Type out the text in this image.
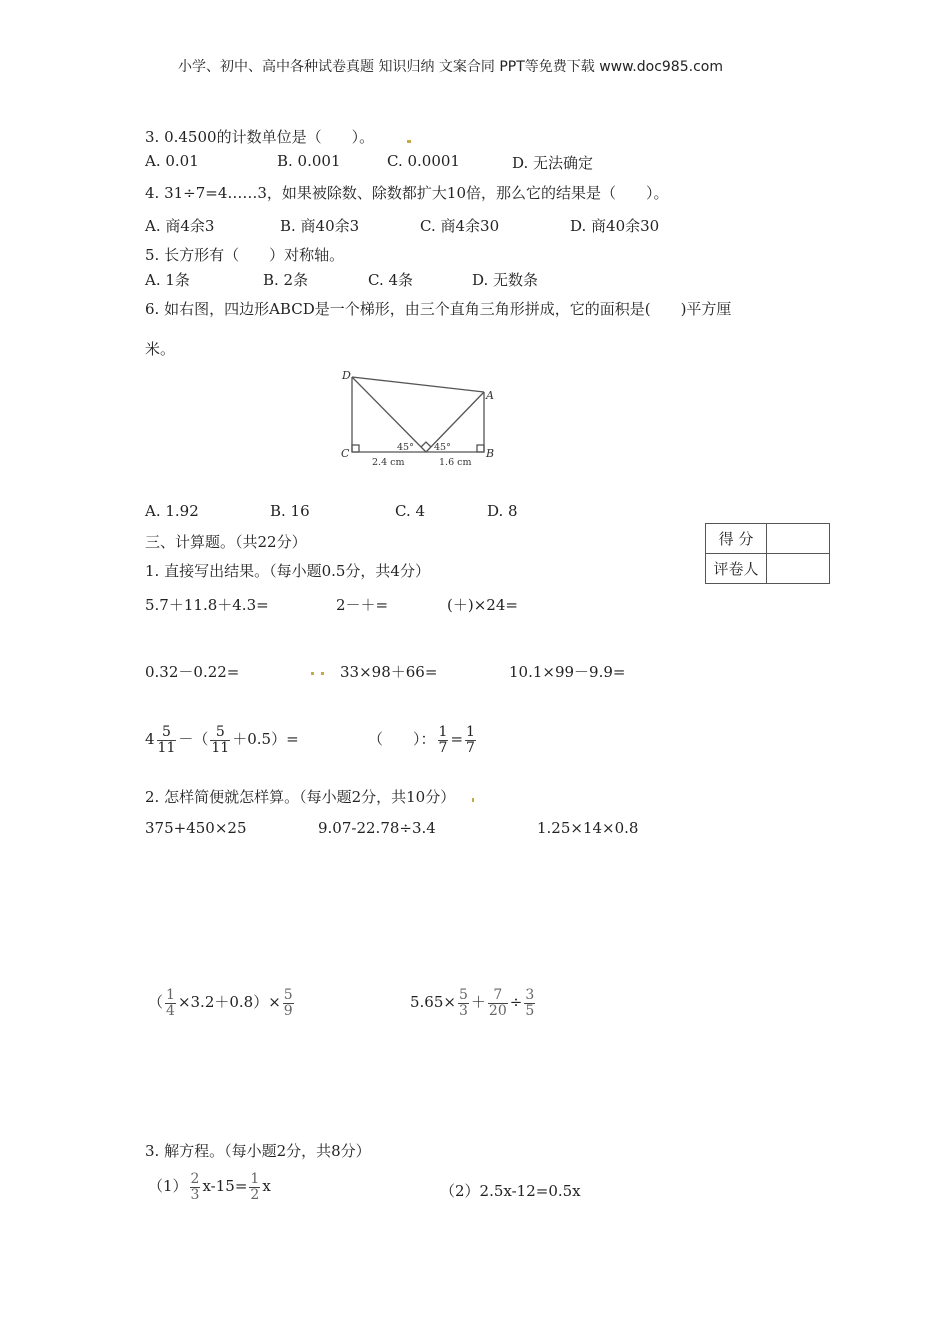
小学、初中、高中各种试卷真题 知识归纳 文案合同 PPT等免费下载 www.doc985.com
3. 0.4500的计数单位是（　　）。
A. 0.01	B. 0.001	C. 0.0001	D. 无法确定
4. 31÷7=4……3，如果被除数、除数都扩大10倍，那么它的结果是（　　）。
A. 商4余3	B. 商40余3	C. 商4余30	D. 商40余30
5. 长方形有（　　）对称轴。
A. 1条	B. 2条	C. 4条	D. 无数条
6. 如右图，四边形ABCD是一个梯形，由三个直角三角形拼成，它的面积是(　　)平方厘
米。
D
A
C	B
45° 45°
2.4 cm	1.6 cm
A. 1.92	B. 16	C. 4	D. 8
三、计算题。（共22分）	得 分	
评卷人	
1. 直接写出结果。（每小题0.5分，共4分）
5.7＋11.8＋4.3=	2－＋=	(＋)×24=
0.32－0.22=	33×98＋66=	10.1×99－9.9=
$4 \frac{5}{11}$ －（ $\frac{5}{11} +0.5)=$	（　　）： $\frac{1}{7} = \frac{1}{7}$
2. 怎样简便就怎样算。（每小题2分，共10分）
375+450×25	9.07-22.78÷3.4	1.25×14×0.8
（ $\frac{1}{4} \times 3.2+0.8)\times \frac{5}{9}$	$5.65\times \frac{5}{3} + \frac{7}{20} \div \frac{3}{5}$
3. 解方程。（每小题2分，共8分）
$(1) \frac{2}{3} x-15= \frac{1}{2}$ x	（2）2.5x-12=0.5x
